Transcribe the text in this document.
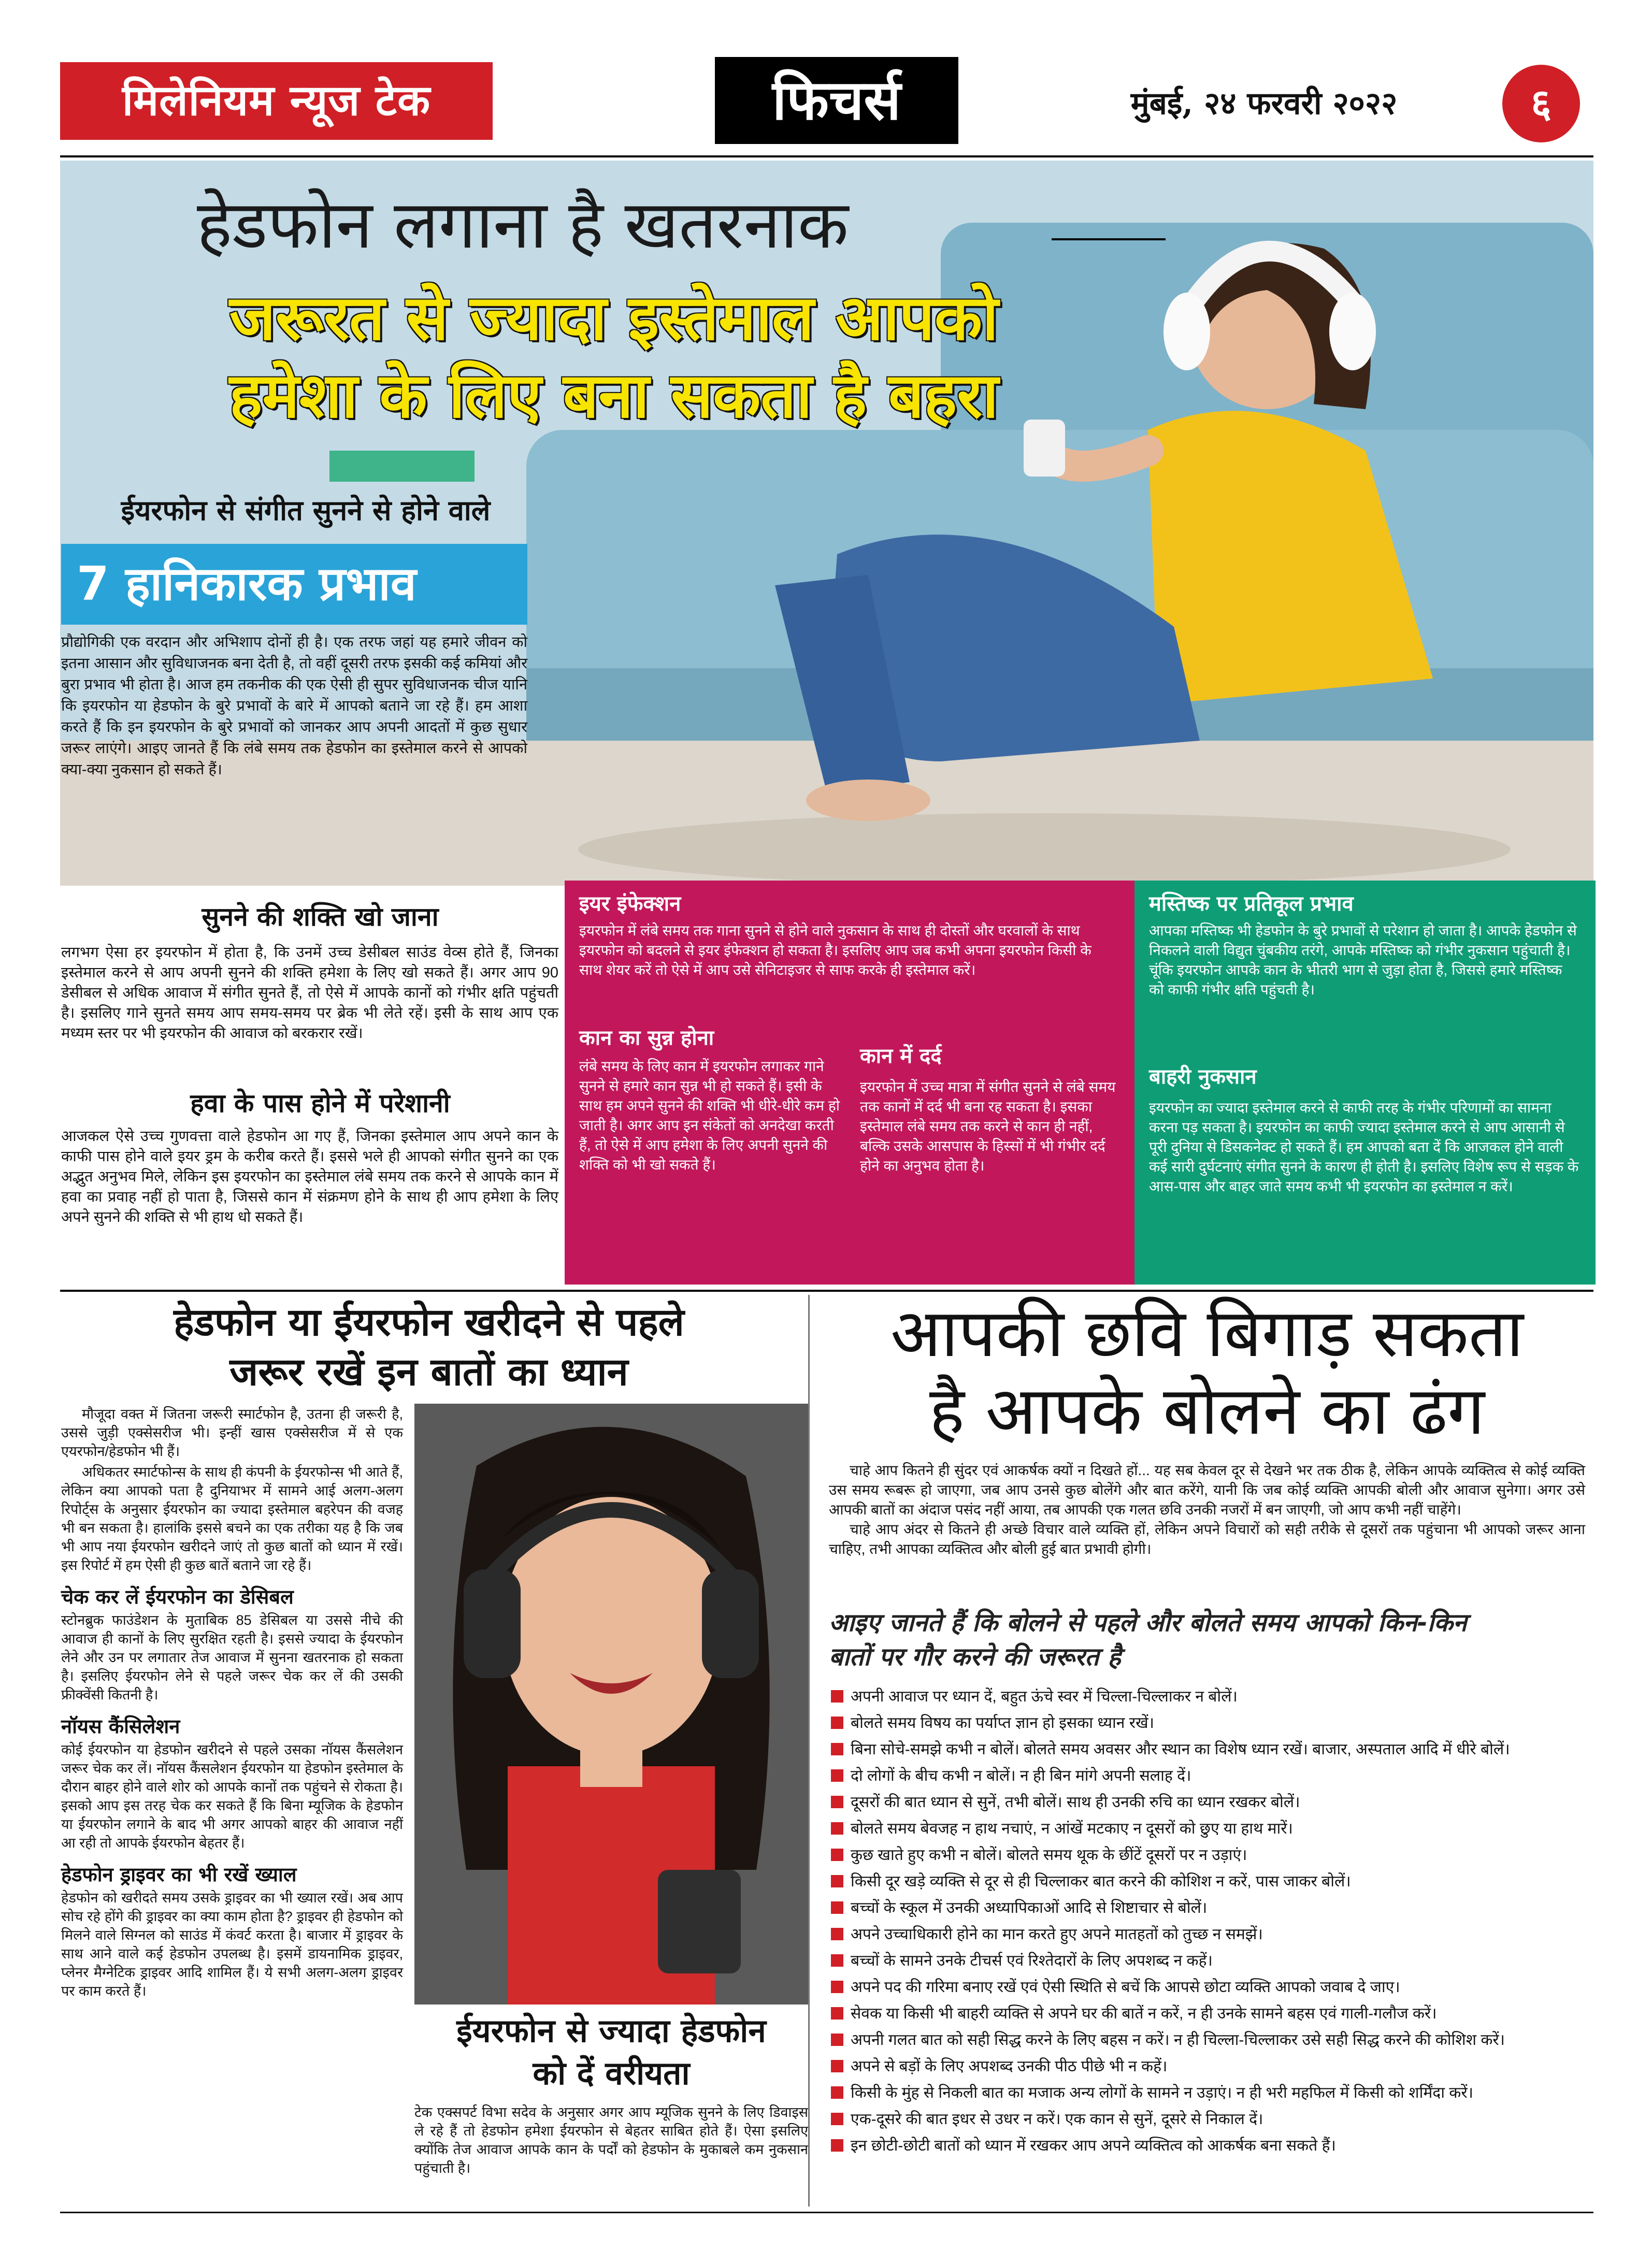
मिलेनियम न्यूज टेक	फिचर्स	मुंबई, २४ फरवरी २०२२	६
हेडफोन लगाना है खतरनाक
जरूरत से ज्यादा इस्तेमाल आपको
हमेशा के लिए बना सकता है बहरा
ईयरफोन से संगीत सुनने से होने वाले
7 हानिकारक प्रभाव

प्रौद्योगिकी एक वरदान और अभिशाप दोनों ही है। एक तरफ जहां यह हमारे जीवन को इतना आसान और सुविधाजनक बना देती है, तो वहीं दूसरी तरफ इसकी कई कमियां और बुरा प्रभाव भी होता है। आज हम तकनीक की एक ऐसी ही सुपर सुविधाजनक चीज यानि कि इयरफोन या हेडफोन के बुरे प्रभावों के बारे में आपको बताने जा रहे हैं। हम आशा करते हैं कि इन इयरफोन के बुरे प्रभावों को जानकर आप अपनी आदतों में कुछ सुधार जरूर लाएंगे। आइए जानते हैं कि लंबे समय तक हेडफोन का इस्तेमाल करने से आपको क्या-क्या नुकसान हो सकते हैं।

सुनने की शक्ति खो जाना

लगभग ऐसा हर इयरफोन में होता है, कि उनमें उच्च डेसीबल साउंड वेव्स होते हैं, जिनका इस्तेमाल करने से आप अपनी सुनने की शक्ति हमेशा के लिए खो सकते हैं। अगर आप 90 डेसीबल से अधिक आवाज में संगीत सुनते हैं, तो ऐसे में आपके कानों को गंभीर क्षति पहुंचती है। इसलिए गाने सुनते समय आप समय-समय पर ब्रेक भी लेते रहें। इसी के साथ आप एक मध्यम स्तर पर भी इयरफोन की आवाज को बरकरार रखें।

हवा के पास होने में परेशानी

आजकल ऐसे उच्च गुणवत्ता वाले हेडफोन आ गए हैं, जिनका इस्तेमाल आप अपने कान के काफी पास होने वाले इयर ड्रम के करीब करते हैं। इससे भले ही आपको संगीत सुनने का एक अद्भुत अनुभव मिले, लेकिन इस इयरफोन का इस्तेमाल लंबे समय तक करने से आपके कान में हवा का प्रवाह नहीं हो पाता है, जिससे कान में संक्रमण होने के साथ ही आप हमेशा के लिए अपने सुनने की शक्ति से भी हाथ धो सकते हैं।

इयर इंफेक्शन

इयरफोन में लंबे समय तक गाना सुनने से होने वाले नुकसान के साथ ही दोस्तों और घरवालों के साथ इयरफोन को बदलने से इयर इंफेक्शन हो सकता है। इसलिए आप जब कभी अपना इयरफोन किसी के साथ शेयर करें तो ऐसे में आप उसे सेनिटाइजर से साफ करके ही इस्तेमाल करें।

कान का सुन्न होना

लंबे समय के लिए कान में इयरफोन लगाकर गाने सुनने से हमारे कान सुन्न भी हो सकते हैं। इसी के साथ हम अपने सुनने की शक्ति भी धीरे-धीरे कम हो जाती है। अगर आप इन संकेतों को अनदेखा करती हैं, तो ऐसे में आप हमेशा के लिए अपनी सुनने की शक्ति को भी खो सकते हैं।

कान में दर्द

इयरफोन में उच्च मात्रा में संगीत सुनने से लंबे समय तक कानों में दर्द भी बना रह सकता है। इसका इस्तेमाल लंबे समय तक करने से कान ही नहीं, बल्कि उसके आसपास के हिस्सों में भी गंभीर दर्द होने का अनुभव होता है।

मस्तिष्क पर प्रतिकूल प्रभाव

आपका मस्तिष्क भी हेडफोन के बुरे प्रभावों से परेशान हो जाता है। आपके हेडफोन से निकलने वाली विद्युत चुंबकीय तरंगे, आपके मस्तिष्क को गंभीर नुकसान पहुंचाती है। चूंकि इयरफोन आपके कान के भीतरी भाग से जुड़ा होता है, जिससे हमारे मस्तिष्क को काफी गंभीर क्षति पहुंचती है।

बाहरी नुकसान

इयरफोन का ज्यादा इस्तेमाल करने से काफी तरह के गंभीर परिणामों का सामना करना पड़ सकता है। इयरफोन का काफी ज्यादा इस्तेमाल करने से आप आसानी से पूरी दुनिया से डिसकनेक्ट हो सकते हैं। हम आपको बता दें कि आजकल होने वाली कई सारी दुर्घटनाएं संगीत सुनने के कारण ही होती है। इसलिए विशेष रूप से सड़क के आस-पास और बाहर जाते समय कभी भी इयरफोन का इस्तेमाल न करें।

हेडफोन या ईयरफोन खरीदने से पहले
जरूर रखें इन बातों का ध्यान

मौजूदा वक्त में जितना जरूरी स्मार्टफोन है, उतना ही जरूरी है, उससे जुड़ी एक्सेसरीज भी। इन्हीं खास एक्सेसरीज में से एक एयरफोन/हेडफोन भी हैं।

अधिकतर स्मार्टफोन्स के साथ ही कंपनी के ईयरफोन्स भी आते हैं, लेकिन क्या आपको पता है दुनियाभर में सामने आई अलग-अलग रिपोर्ट्स के अनुसार ईयरफोन का ज्यादा इस्तेमाल बहरेपन की वजह भी बन सकता है। हालांकि इससे बचने का एक तरीका यह है कि जब भी आप नया ईयरफोन खरीदने जाएं तो कुछ बातों को ध्यान में रखें। इस रिपोर्ट में हम ऐसी ही कुछ बातें बताने जा रहे हैं।

चेक कर लें ईयरफोन का डेसिबल

स्टोनब्रुक फाउंडेशन के मुताबिक 85 डेसिबल या उससे नीचे की आवाज ही कानों के लिए सुरक्षित रहती है। इससे ज्यादा के ईयरफोन लेने और उन पर लगातार तेज आवाज में सुनना खतरनाक हो सकता है। इसलिए ईयरफोन लेने से पहले जरूर चेक कर लें की उसकी फ्रीक्वेंसी कितनी है।

नॉयस कैंसिलेशन

कोई ईयरफोन या हेडफोन खरीदने से पहले उसका नॉयस कैंसलेशन जरूर चेक कर लें। नॉयस कैंसलेशन ईयरफोन या हेडफोन इस्तेमाल के दौरान बाहर होने वाले शोर को आपके कानों तक पहुंचने से रोकता है। इसको आप इस तरह चेक कर सकते हैं कि बिना म्यूजिक के हेडफोन या ईयरफोन लगाने के बाद भी अगर आपको बाहर की आवाज नहीं आ रही तो आपके ईयरफोन बेहतर हैं।

हेडफोन ड्राइवर का भी रखें ख्याल

हेडफोन को खरीदते समय उसके ड्राइवर का भी ख्याल रखें। अब आप सोच रहे होंगे की ड्राइवर का क्या काम होता है? ड्राइवर ही हेडफोन को मिलने वाले सिग्नल को साउंड में कंवर्ट करता है। बाजार में ड्राइवर के साथ आने वाले कई हेडफोन उपलब्ध है। इसमें डायनामिक ड्राइवर, प्लेनर मैग्नेटिक ड्राइवर आदि शामिल हैं। ये सभी अलग-अलग ड्राइवर पर काम करते हैं।

ईयरफोन से ज्यादा हेडफोन
को दें वरीयता

टेक एक्सपर्ट विभा सदेव के अनुसार अगर आप म्यूजिक सुनने के लिए डिवाइस ले रहे हैं तो हेडफोन हमेशा ईयरफोन से बेहतर साबित होते हैं। ऐसा इसलिए क्योंकि तेज आवाज आपके कान के पर्दों को हेडफोन के मुकाबले कम नुकसान पहुंचाती है।

आपकी छवि बिगाड़ सकता
है आपके बोलने का ढंग

चाहे आप कितने ही सुंदर एवं आकर्षक क्यों न दिखते हों... यह सब केवल दूर से देखने भर तक ठीक है, लेकिन आपके व्यक्तित्व से कोई व्यक्ति उस समय रूबरू हो जाएगा, जब आप उनसे कुछ बोलेंगे और बात करेंगे, यानी कि जब कोई व्यक्ति आपकी बोली और आवाज सुनेगा। अगर उसे आपकी बातों का अंदाज पसंद नहीं आया, तब आपकी एक गलत छवि उनकी नजरों में बन जाएगी, जो आप कभी नहीं चाहेंगे।

चाहे आप अंदर से कितने ही अच्छे विचार वाले व्यक्ति हों, लेकिन अपने विचारों को सही तरीके से दूसरों तक पहुंचाना भी आपको जरूर आना चाहिए, तभी आपका व्यक्तित्व और बोली हुई बात प्रभावी होगी।

आइए जानते हैं कि बोलने से पहले और बोलते समय आपको किन-किन
बातों पर गौर करने की जरूरत है
अपनी आवाज पर ध्यान दें, बहुत ऊंचे स्वर में चिल्ला-चिल्लाकर न बोलें।
बोलते समय विषय का पर्याप्त ज्ञान हो इसका ध्यान रखें।
बिना सोचे-समझे कभी न बोलें। बोलते समय अवसर और स्थान का विशेष ध्यान रखें। बाजार, अस्पताल आदि में धीरे बोलें।
दो लोगों के बीच कभी न बोलें। न ही बिन मांगे अपनी सलाह दें।
दूसरों की बात ध्यान से सुनें, तभी बोलें। साथ ही उनकी रुचि का ध्यान रखकर बोलें।
बोलते समय बेवजह न हाथ नचाएं, न आंखें मटकाए न दूसरों को छुए या हाथ मारें।
कुछ खाते हुए कभी न बोलें। बोलते समय थूक के छींटें दूसरों पर न उड़ाएं।
किसी दूर खड़े व्यक्ति से दूर से ही चिल्लाकर बात करने की कोशिश न करें, पास जाकर बोलें।
बच्चों के स्कूल में उनकी अध्यापिकाओं आदि से शिष्टाचार से बोलें।
अपने उच्चाधिकारी होने का मान करते हुए अपने मातहतों को तुच्छ न समझें।
बच्चों के सामने उनके टीचर्स एवं रिश्तेदारों के लिए अपशब्द न कहें।
अपने पद की गरिमा बनाए रखें एवं ऐसी स्थिति से बचें कि आपसे छोटा व्यक्ति आपको जवाब दे जाए।
सेवक या किसी भी बाहरी व्यक्ति से अपने घर की बातें न करें, न ही उनके सामने बहस एवं गाली-गलौज करें।
अपनी गलत बात को सही सिद्ध करने के लिए बहस न करें। न ही चिल्ला-चिल्लाकर उसे सही सिद्ध करने की कोशिश करें।
अपने से बड़ों के लिए अपशब्द उनकी पीठ पीछे भी न कहें।
किसी के मुंह से निकली बात का मजाक अन्य लोगों के सामने न उड़ाएं। न ही भरी महफिल में किसी को शर्मिंदा करें।
एक-दूसरे की बात इधर से उधर न करें। एक कान से सुनें, दूसरे से निकाल दें।
इन छोटी-छोटी बातों को ध्यान में रखकर आप अपने व्यक्तित्व को आकर्षक बना सकते हैं।
